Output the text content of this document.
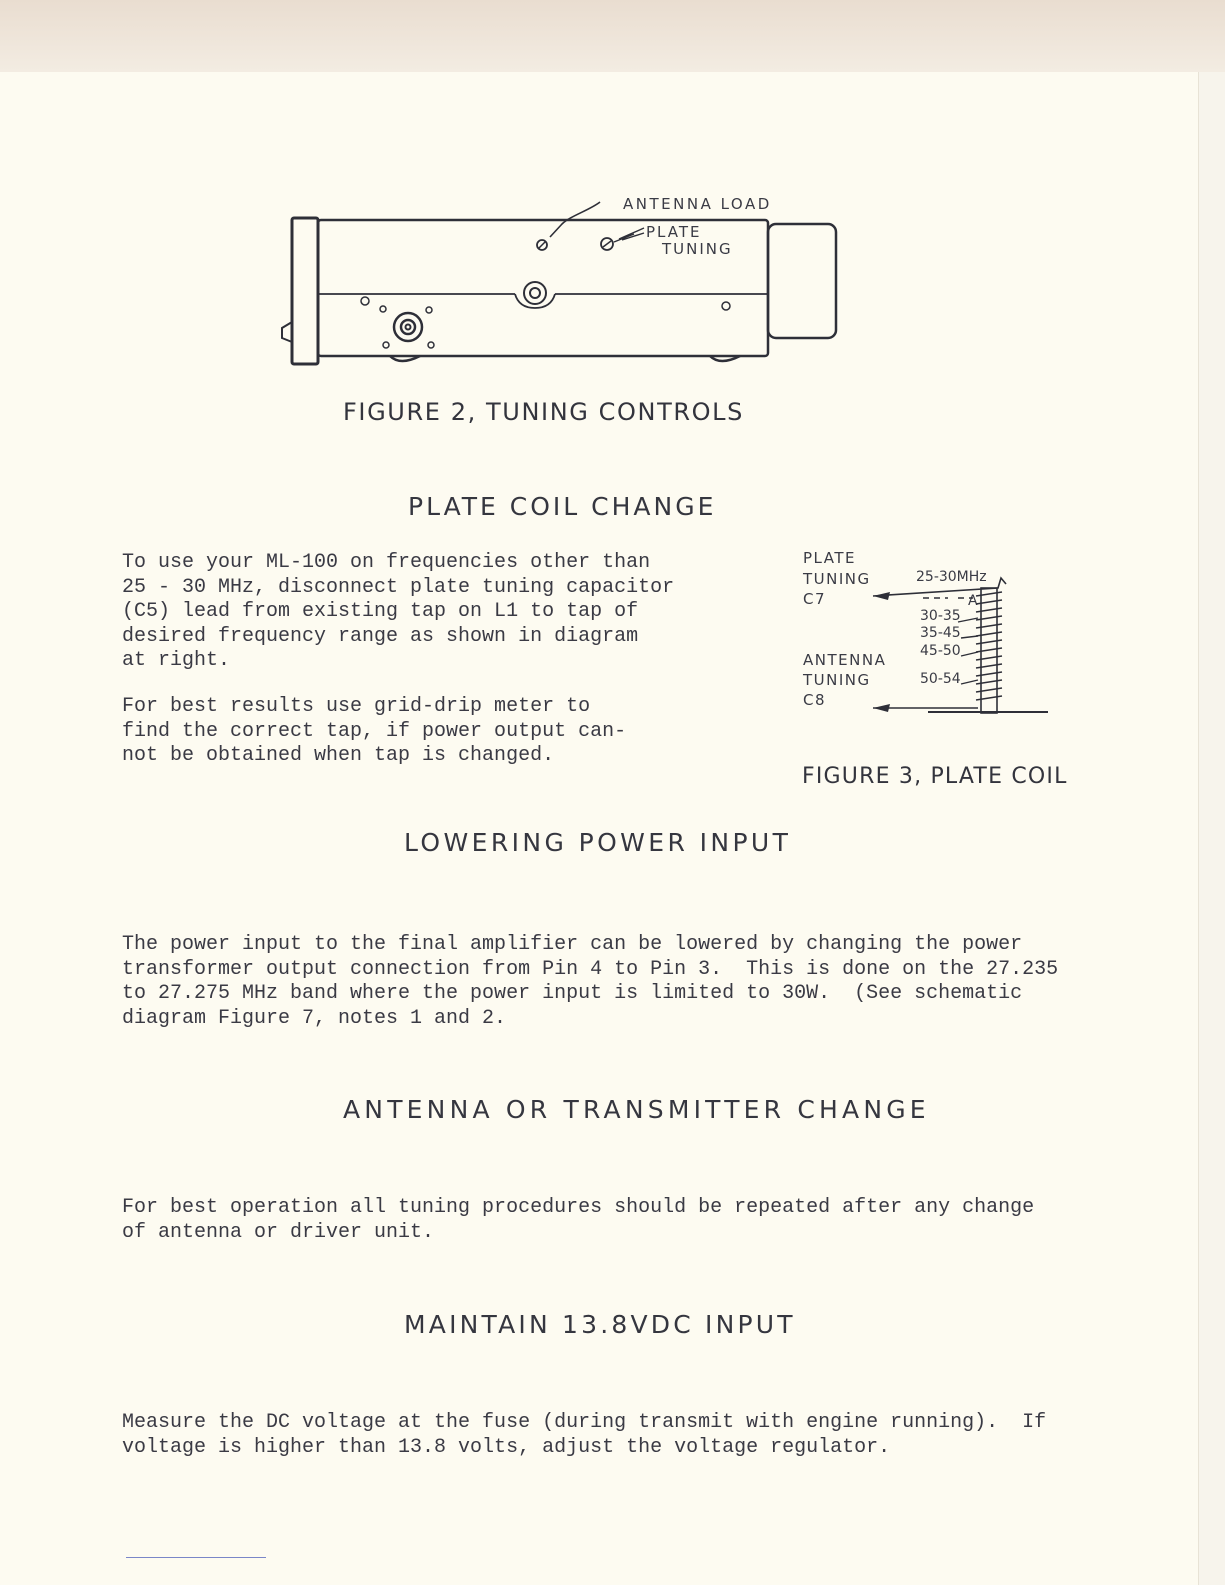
ANTENNA LOAD
PLATE
TUNING
FIGURE 2, TUNING CONTROLS
PLATE COIL CHANGE

To use your ML-100 on frequencies other than
25 - 30 MHz, disconnect plate tuning capacitor
(C5) lead from existing tap on L1 to tap of
desired frequency range as shown in diagram
at right.

For best results use grid-drip meter to
find the correct tap, if power output can-
not be obtained when tap is changed.

PLATE
TUNING
C7
ANTENNA
TUNING
C8
25-30MHz
30-35
35-45
45-50
50-54
A
FIGURE 3, PLATE COIL
LOWERING POWER INPUT

The power input to the final amplifier can be lowered by changing the power
transformer output connection from Pin 4 to Pin 3.  This is done on the 27.235
to 27.275 MHz band where the power input is limited to 30W.  (See schematic
diagram Figure 7, notes 1 and 2.

ANTENNA OR TRANSMITTER CHANGE

For best operation all tuning procedures should be repeated after any change
of antenna or driver unit.

MAINTAIN 13.8VDC INPUT

Measure the DC voltage at the fuse (during transmit with engine running).  If
voltage is higher than 13.8 volts, adjust the voltage regulator.
